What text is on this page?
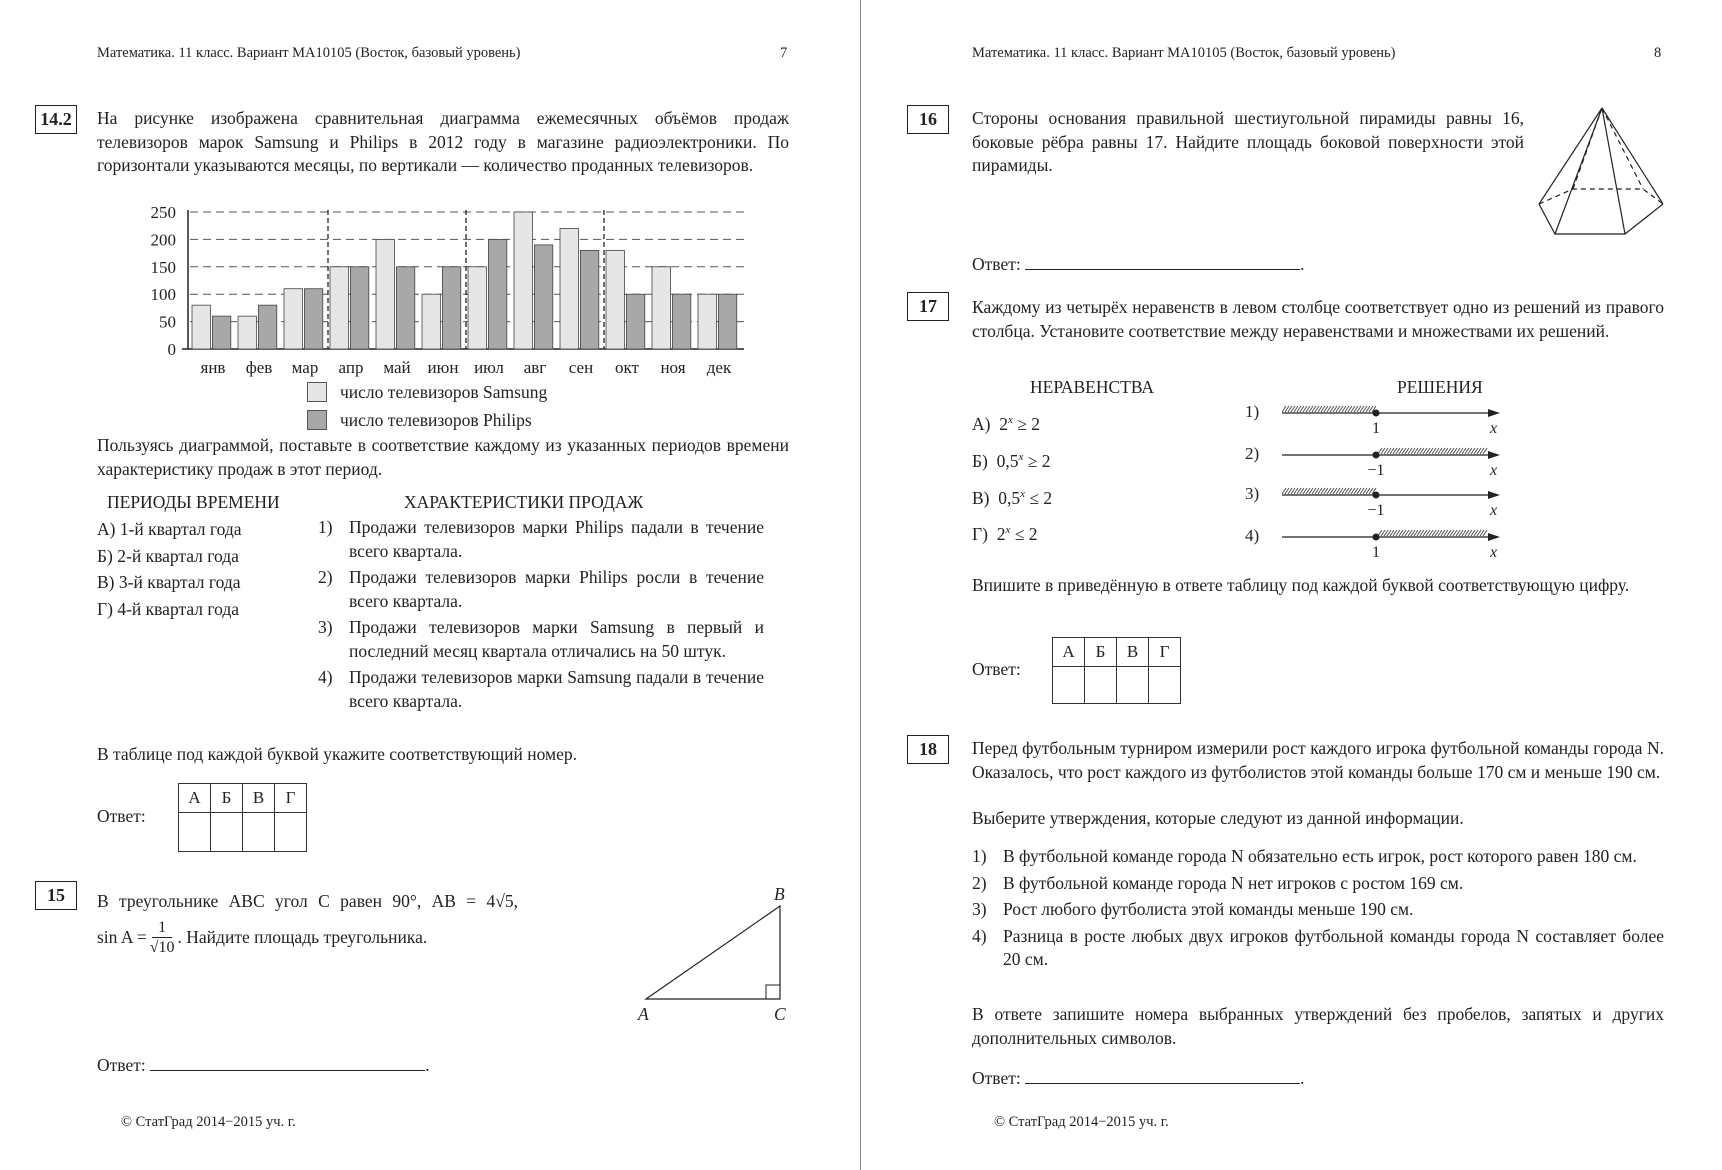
Математика. 11 класс. Вариант МА10105 (Восток, базовый уровень)	7
14.2	На рисунке изображена сравнительная диаграмма ежемесячных объёмов продаж телевизоров марок Samsung и Philips в 2012 году в магазине радиоэлектроники. По горизонтали указываются месяцы, по вертикали — количество проданных телевизоров.
0
50
100
150
200
250
янв фев мар апр май июн июл авг сен окт ноя дек
число телевизоров Samsung
число телевизоров Philips
Пользуясь диаграммой, поставьте в соответствие каждому из указанных периодов времени характеристику продаж в этот период.
ПЕРИОДЫ ВРЕМЕНИ	ХАРАКТЕРИСТИКИ ПРОДАЖ
А) 1-й квартал года
Б) 2-й квартал года
В) 3-й квартал года
Г) 4-й квартал года
1) Продажи телевизоров марки Philips падали в течение всего квартала.
2) Продажи телевизоров марки Philips росли в течение всего квартала.
3) Продажи телевизоров марки Samsung в первый и последний месяц квартала отличались на 50 штук.
4) Продажи телевизоров марки Samsung падали в течение всего квартала.
В таблице под каждой буквой укажите соответствующий номер.
Ответ:
А	Б	В	Г

15	В треугольнике ABC угол C равен 90°, AB = 4√5,
$\sin A = \frac{1}{√10}$ . Найдите площадь треугольника.
A
B
C
Ответ:	.
© СтатГрад 2014−2015 уч. г.
Математика. 11 класс. Вариант МА10105 (Восток, базовый уровень)	8
16	Стороны основания правильной шестиугольной пирамиды равны 16, боковые рёбра равны 17. Найдите площадь боковой поверхности этой пирамиды.
Ответ:	.
17	Каждому из четырёх неравенств в левом столбце соответствует одно из решений из правого столбца. Установите соответствие между неравенствами и множествами их решений.
НЕРАВЕНСТВА	РЕШЕНИЯ
А) $2^x \ge 2$
Б) $0,5^x \ge 2$
В) $0,5^x \le 2$
Г) $2^x \le 2$
1)
1	x
2)
−1	x
3)
−1	x
4)
1	x
Впишите в приведённую в ответе таблицу под каждой буквой соответствующую цифру.
Ответ:
А	Б	В	Г

18	Перед футбольным турниром измерили рост каждого игрока футбольной команды города N. Оказалось, что рост каждого из футболистов этой команды больше 170 см и меньше 190 см.
Выберите утверждения, которые следуют из данной информации.
1) В футбольной команде города N обязательно есть игрок, рост которого равен 180 см.
2) В футбольной команде города N нет игроков с ростом 169 см.
3) Рост любого футболиста этой команды меньше 190 см.
4) Разница в росте любых двух игроков футбольной команды города N составляет более 20 см.
В ответе запишите номера выбранных утверждений без пробелов, запятых и других дополнительных символов.
Ответ:	.
© СтатГрад 2014−2015 уч. г.
